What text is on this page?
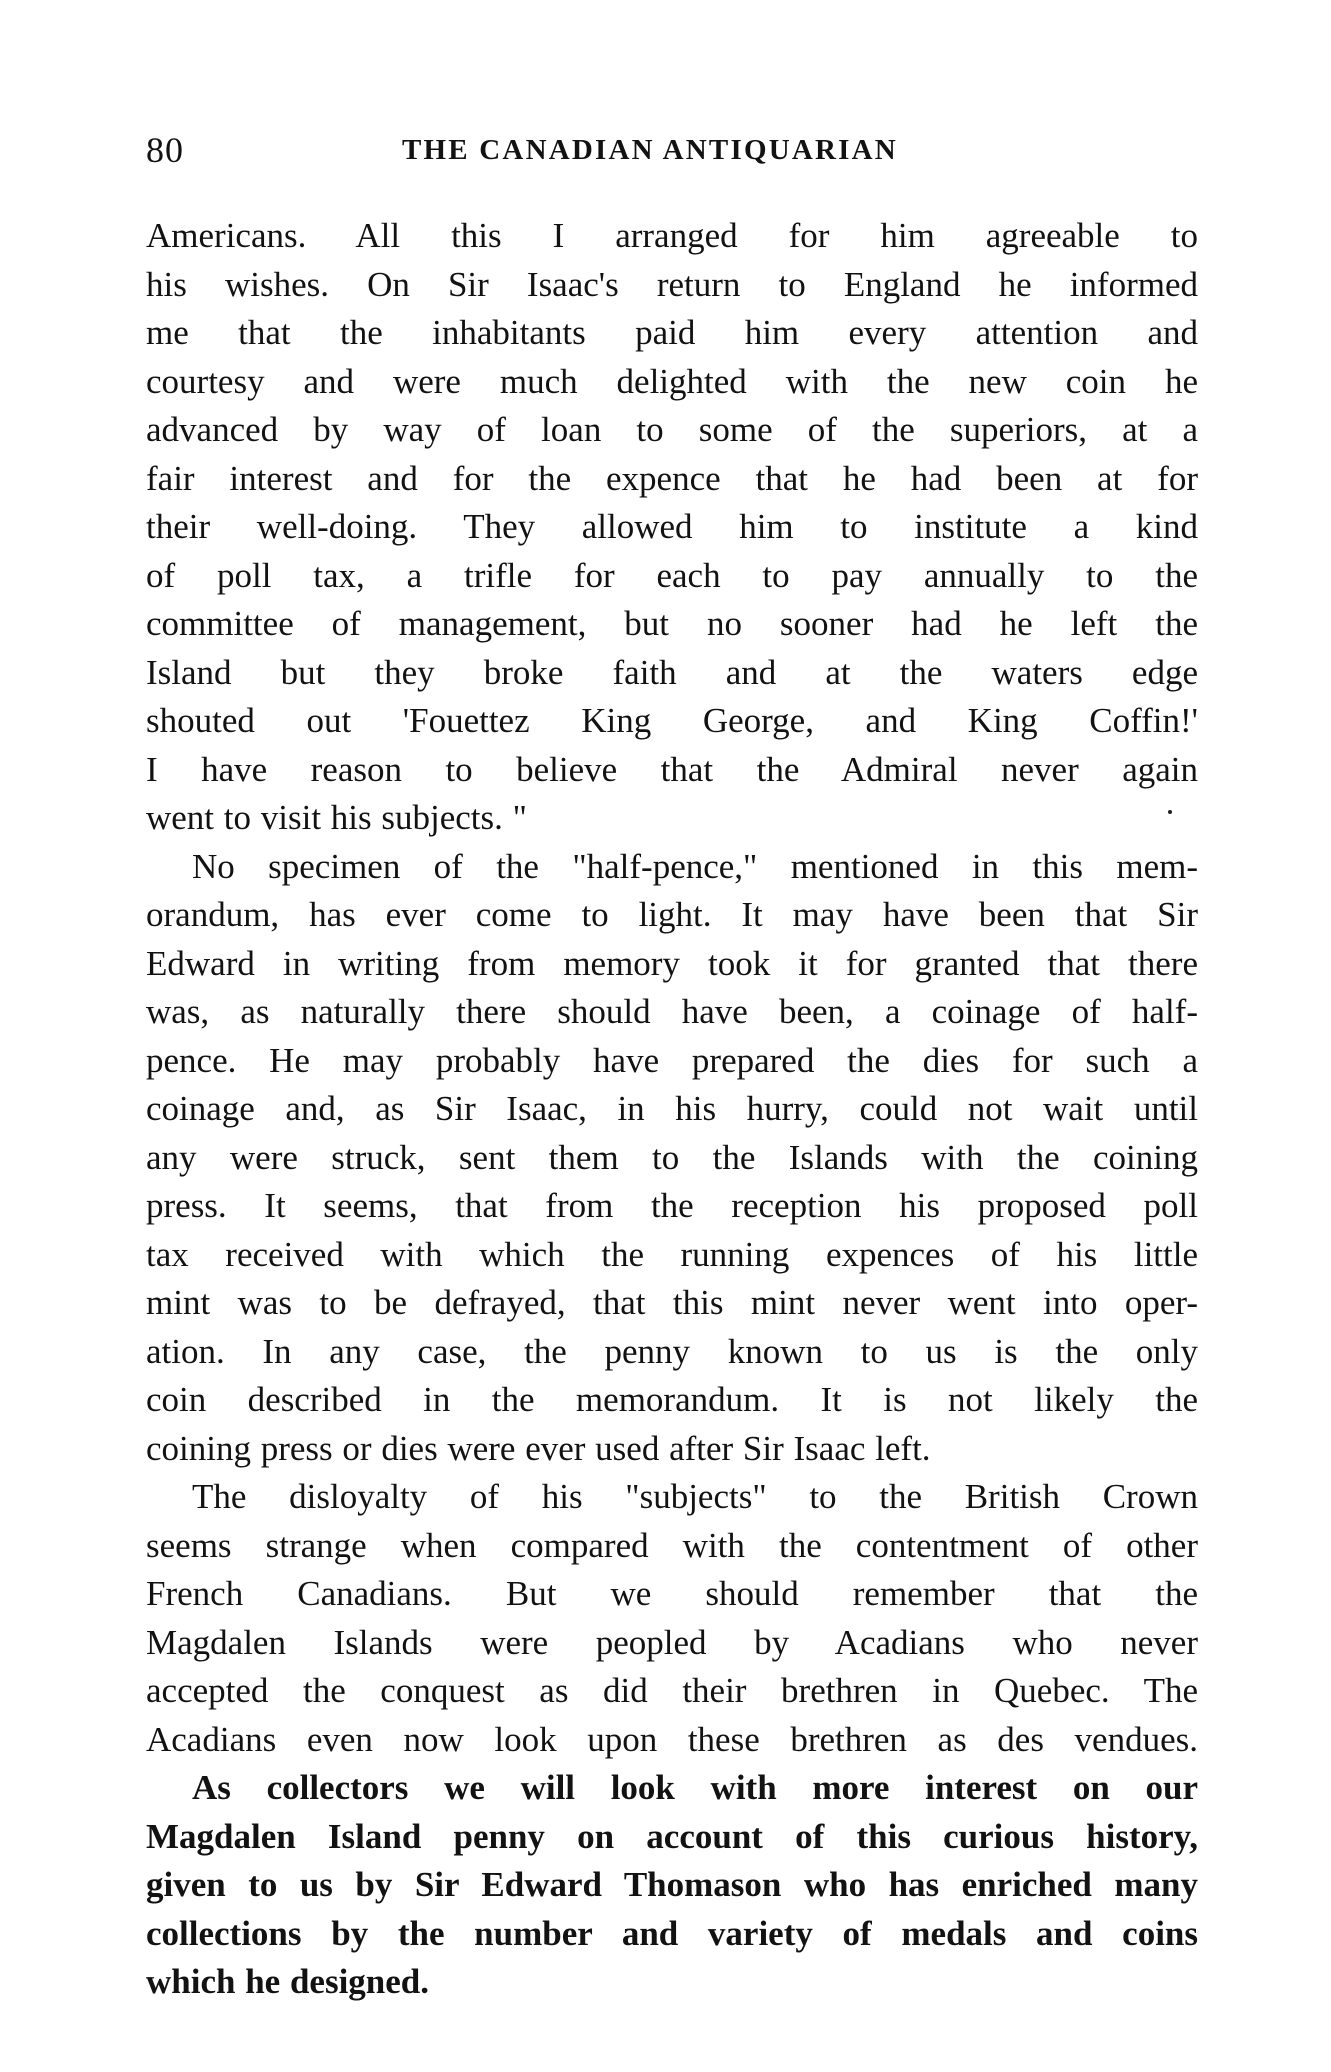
80	THE CANADIAN ANTIQUARIAN

Americans. All this I arranged for him agreeable to
his wishes. On Sir Isaac's return to England he informed
me that the inhabitants paid him every attention and
courtesy and were much delighted with the new coin he
advanced by way of loan to some of the superiors, at a
fair interest and for the expence that he had been at for
their well-doing. They allowed him to institute a kind
of poll tax, a trifle for each to pay annually to the
committee of management, but no sooner had he left the
Island but they broke faith and at the waters edge
shouted out 'Fouettez King George, and King Coffin!'
I have reason to believe that the Admiral never again
went to visit his subjects. "

No specimen of the "half-pence," mentioned in this mem-
orandum, has ever come to light. It may have been that Sir
Edward in writing from memory took it for granted that there
was, as naturally there should have been, a coinage of half-
pence. He may probably have prepared the dies for such a
coinage and, as Sir Isaac, in his hurry, could not wait until
any were struck, sent them to the Islands with the coining
press. It seems, that from the reception his proposed poll
tax received with which the running expences of his little
mint was to be defrayed, that this mint never went into oper-
ation. In any case, the penny known to us is the only
coin described in the memorandum. It is not likely the
coining press or dies were ever used after Sir Isaac left.

The disloyalty of his "subjects" to the British Crown
seems strange when compared with the contentment of other
French Canadians. But we should remember that the
Magdalen Islands were peopled by Acadians who never
accepted the conquest as did their brethren in Quebec. The
Acadians even now look upon these brethren as des vendues.

As collectors we will look with more interest on our
Magdalen Island penny on account of this curious history,
given to us by Sir Edward Thomason who has enriched many
collections by the number and variety of medals and coins
which he designed.
